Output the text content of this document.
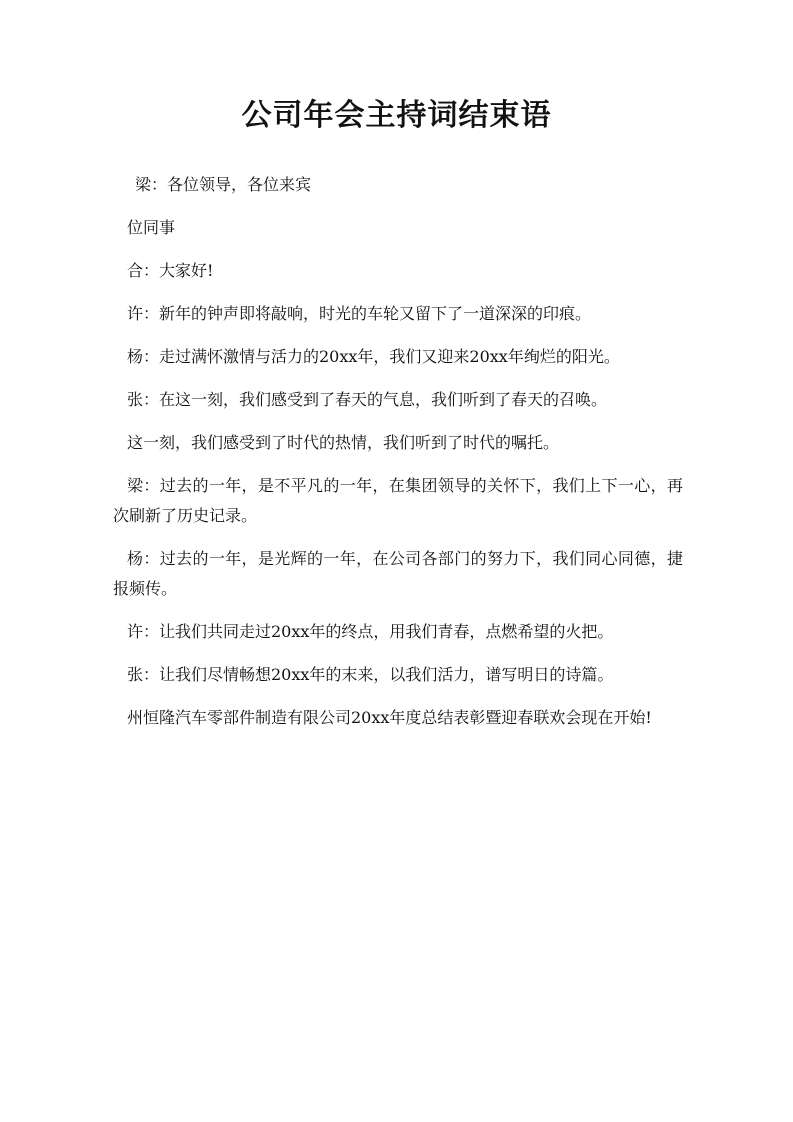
公司年会主持词结束语

梁：各位领导，各位来宾

位同事

合：大家好!

许：新年的钟声即将敲响，时光的车轮又留下了一道深深的印痕。

杨：走过满怀激情与活力的20xx年，我们又迎来20xx年绚烂的阳光。

张：在这一刻，我们感受到了春天的气息，我们听到了春天的召唤。

这一刻，我们感受到了时代的热情，我们听到了时代的嘱托。

梁：过去的一年，是不平凡的一年，在集团领导的关怀下，我们上下一心，再次刷新了历史记录。

杨：过去的一年，是光辉的一年，在公司各部门的努力下，我们同心同德，捷报频传。

许：让我们共同走过20xx年的终点，用我们青春，点燃希望的火把。

张：让我们尽情畅想20xx年的末来，以我们活力，谱写明日的诗篇。

州恒隆汽车零部件制造有限公司20xx年度总结表彰暨迎春联欢会现在开始!
